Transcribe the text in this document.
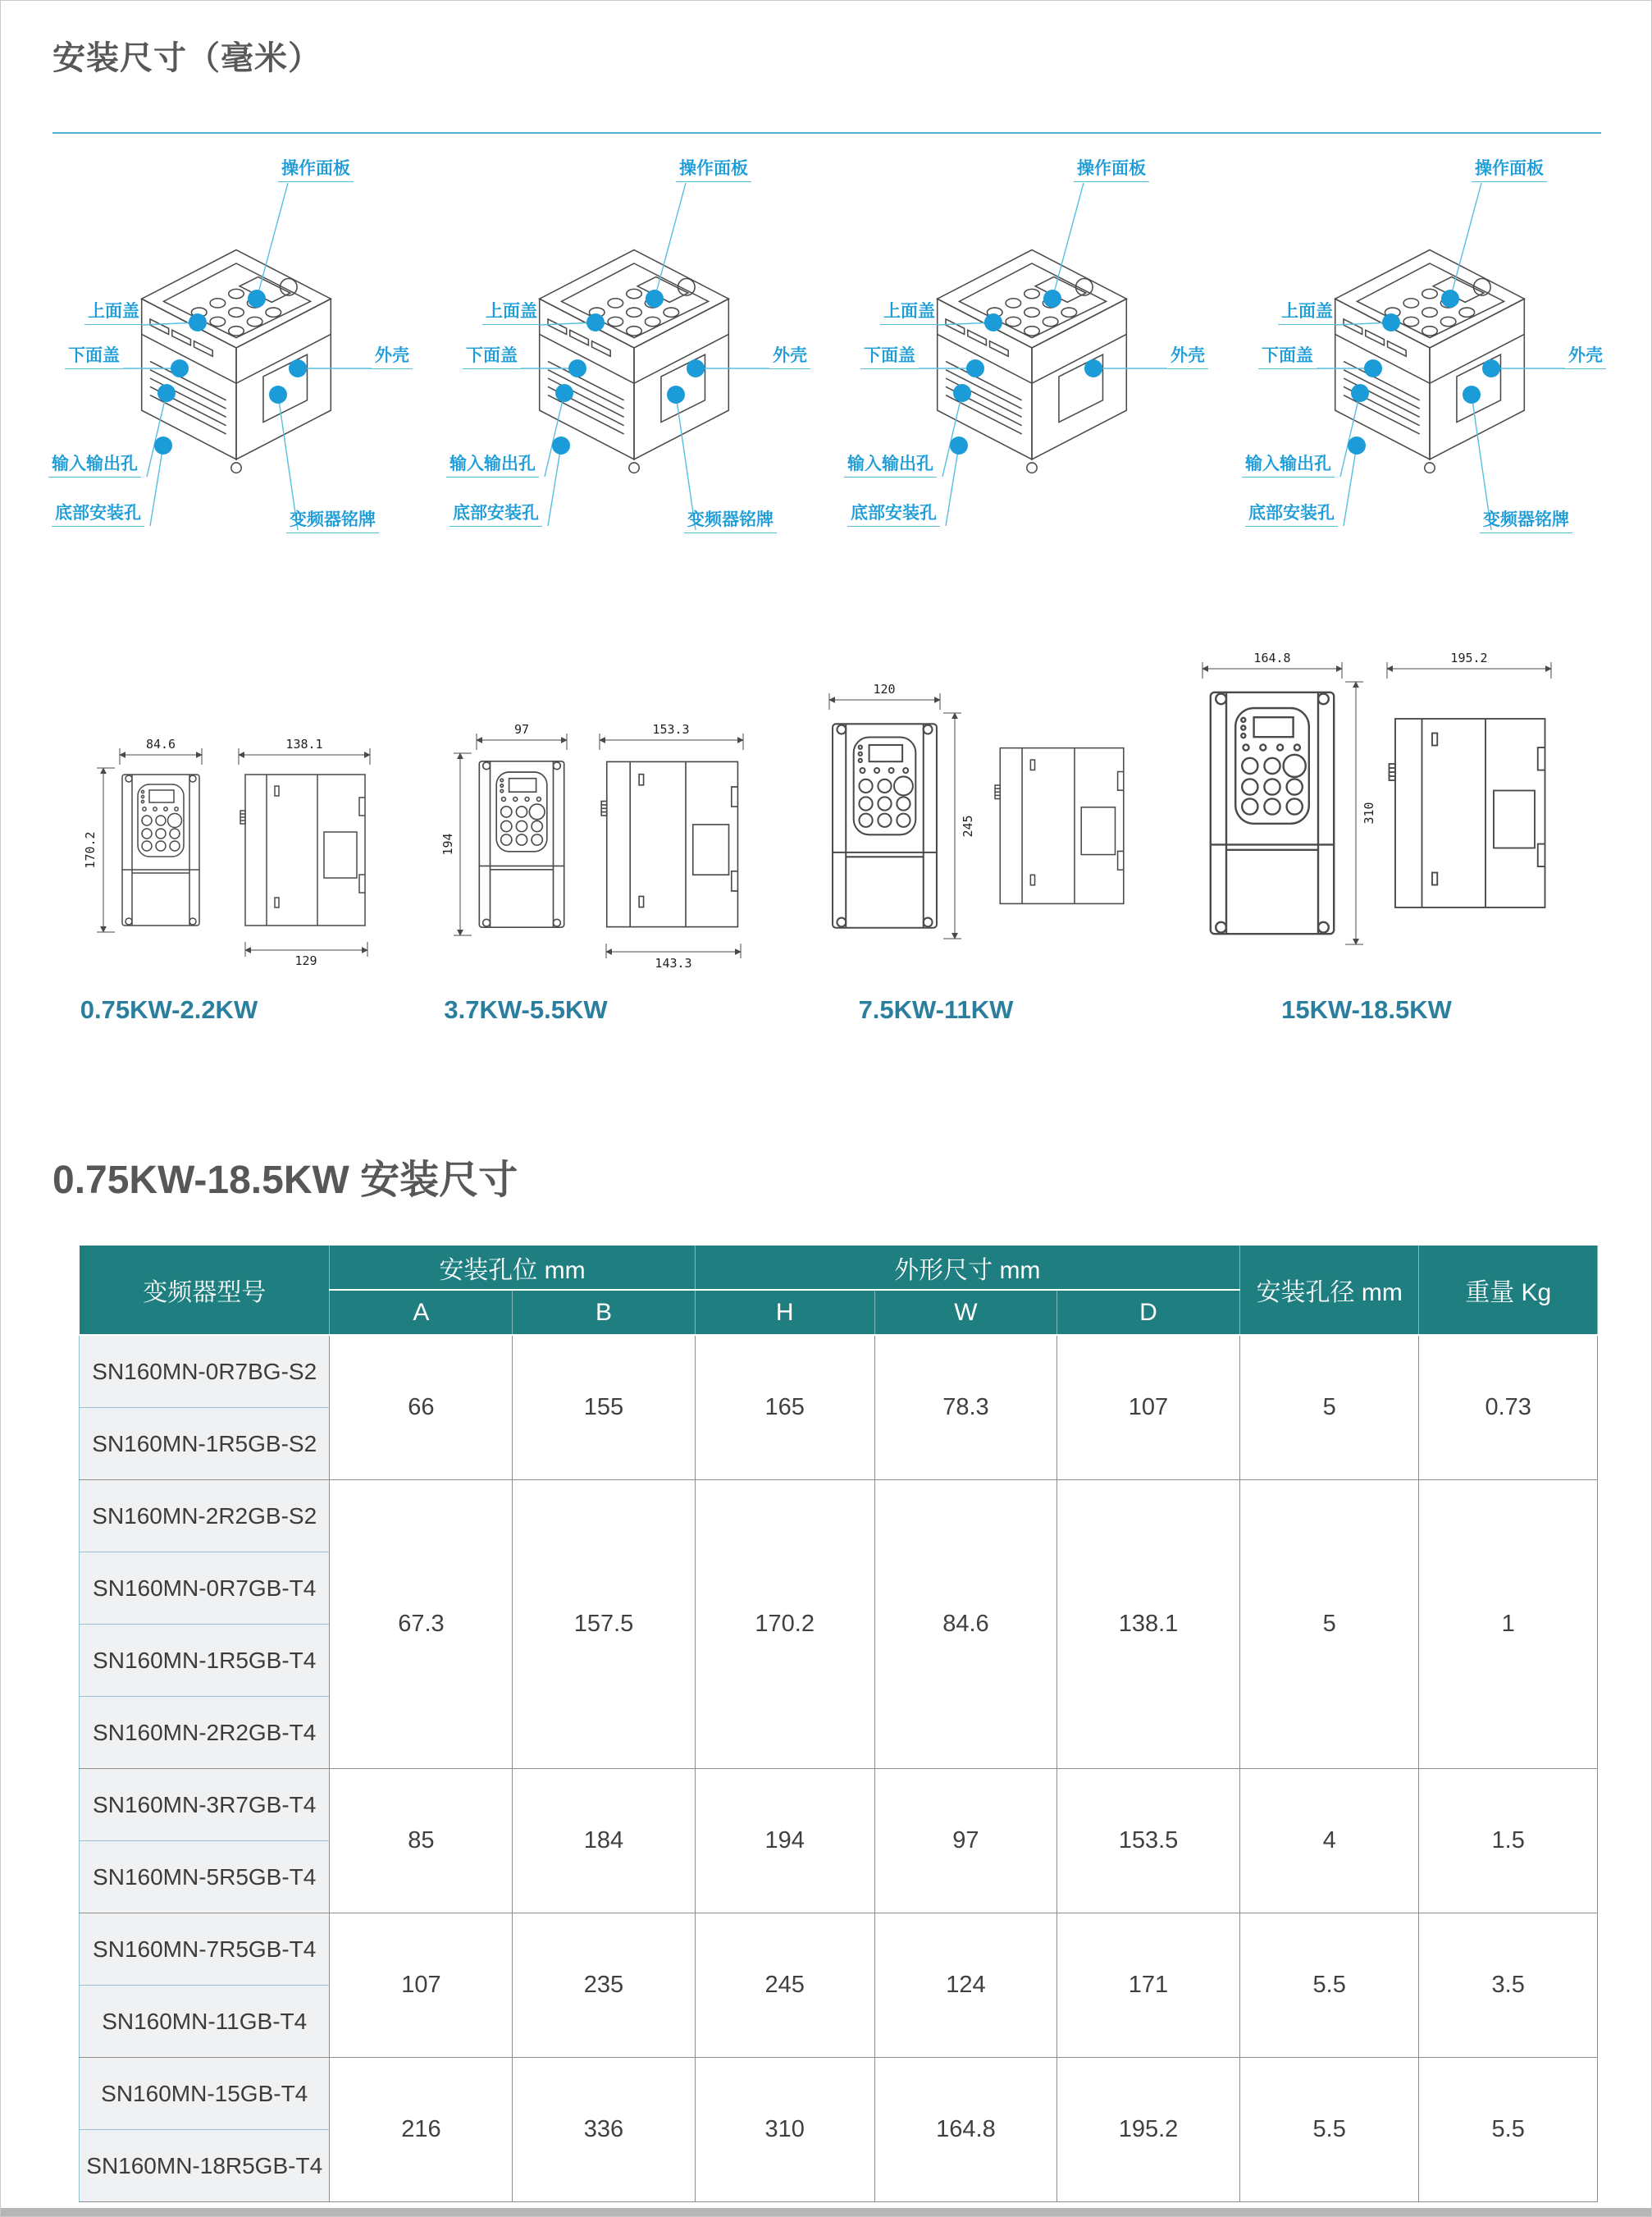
安装尺寸（毫米）
操作面板
上面盖
下面盖	外壳
输入输出孔
底部安装孔	变频器铭牌
操作面板
上面盖
下面盖	外壳
输入输出孔
底部安装孔	变频器铭牌
操作面板
上面盖
下面盖	外壳
输入输出孔
底部安装孔
操作面板
上面盖
下面盖	外壳
输入输出孔
底部安装孔	变频器铭牌
84.6
170.2
138.1
129
97
194
153.3
143.3
120
245
164.8
310
195.2
0.75KW-2.2KW	3.7KW-5.5KW	7.5KW-11KW	15KW-18.5KW
0.75KW-18.5KW 安装尺寸
变频器型号	安装孔位 mm		外形尺寸 mm			安装孔径 mm	重量 Kg
	A	B	H	W	D		
SN160MN-0R7BG-S2	66	155	165	78.3	107	5	0.73
SN160MN-1R5GB-S2							
SN160MN-2R2GB-S2	67.3	157.5	170.2	84.6	138.1	5	1
SN160MN-0R7GB-T4							
SN160MN-1R5GB-T4							
SN160MN-2R2GB-T4							
SN160MN-3R7GB-T4	85	184	194	97	153.5	4	1.5
SN160MN-5R5GB-T4							
SN160MN-7R5GB-T4	107	235	245	124	171	5.5	3.5
SN160MN-11GB-T4							
SN160MN-15GB-T4	216	336	310	164.8	195.2	5.5	5.5
SN160MN-18R5GB-T4							
